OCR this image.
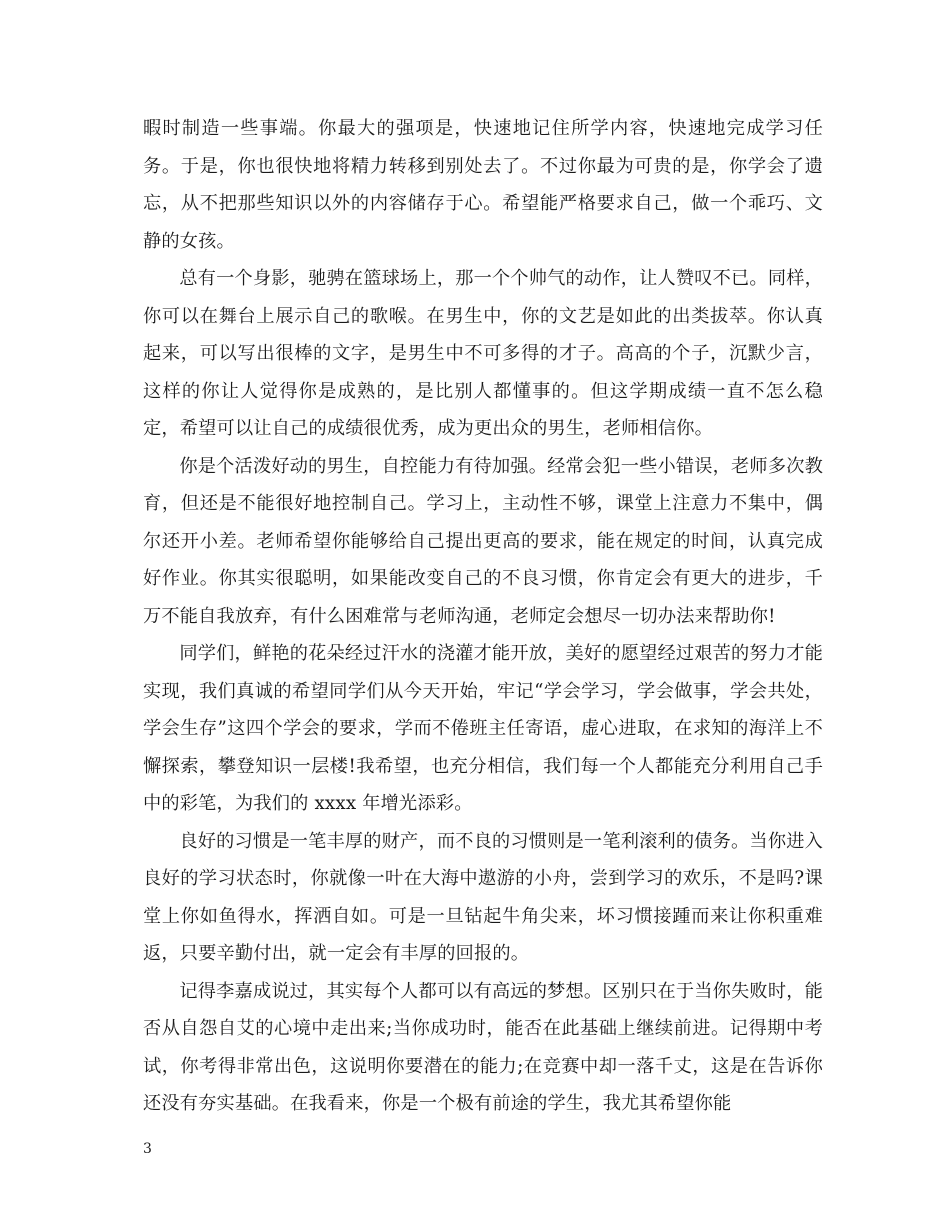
暇时制造一些事端。你最大的强项是，快速地记住所学内容，快速地完成学习任务。于是，你也很快地将精力转移到别处去了。不过你最为可贵的是，你学会了遗忘，从不把那些知识以外的内容储存于心。希望能严格要求自己，做一个乖巧、文静的女孩。

总有一个身影，驰骋在篮球场上，那一个个帅气的动作，让人赞叹不已。同样，你可以在舞台上展示自己的歌喉。在男生中，你的文艺是如此的出类拔萃。你认真起来，可以写出很棒的文字，是男生中不可多得的才子。高高的个子，沉默少言，这样的你让人觉得你是成熟的，是比别人都懂事的。但这学期成绩一直不怎么稳定，希望可以让自己的成绩很优秀，成为更出众的男生，老师相信你。

你是个活泼好动的男生，自控能力有待加强。经常会犯一些小错误，老师多次教育，但还是不能很好地控制自己。学习上，主动性不够，课堂上注意力不集中，偶尔还开小差。老师希望你能够给自己提出更高的要求，能在规定的时间，认真完成好作业。你其实很聪明，如果能改变自己的不良习惯，你肯定会有更大的进步，千万不能自我放弃，有什么困难常与老师沟通，老师定会想尽一切办法来帮助你!

同学们，鲜艳的花朵经过汗水的浇灌才能开放，美好的愿望经过艰苦的努力才能实现，我们真诚的希望同学们从今天开始，牢记“学会学习，学会做事，学会共处，学会生存”这四个学会的要求，学而不倦班主任寄语，虚心进取，在求知的海洋上不懈探索，攀登知识一层楼!我希望，也充分相信，我们每一个人都能充分利用自己手中的彩笔，为我们的 xxxx 年增光添彩。

良好的习惯是一笔丰厚的财产，而不良的习惯则是一笔利滚利的债务。当你进入良好的学习状态时，你就像一叶在大海中遨游的小舟，尝到学习的欢乐，不是吗?课堂上你如鱼得水，挥洒自如。可是一旦钻起牛角尖来，坏习惯接踵而来让你积重难返，只要辛勤付出，就一定会有丰厚的回报的。

记得李嘉成说过，其实每个人都可以有高远的梦想。区别只在于当你失败时，能否从自怨自艾的心境中走出来;当你成功时，能否在此基础上继续前进。记得期中考试，你考得非常出色，这说明你要潜在的能力;在竞赛中却一落千丈，这是在告诉你还没有夯实基础。在我看来，你是一个极有前途的学生，我尤其希望你能

3
